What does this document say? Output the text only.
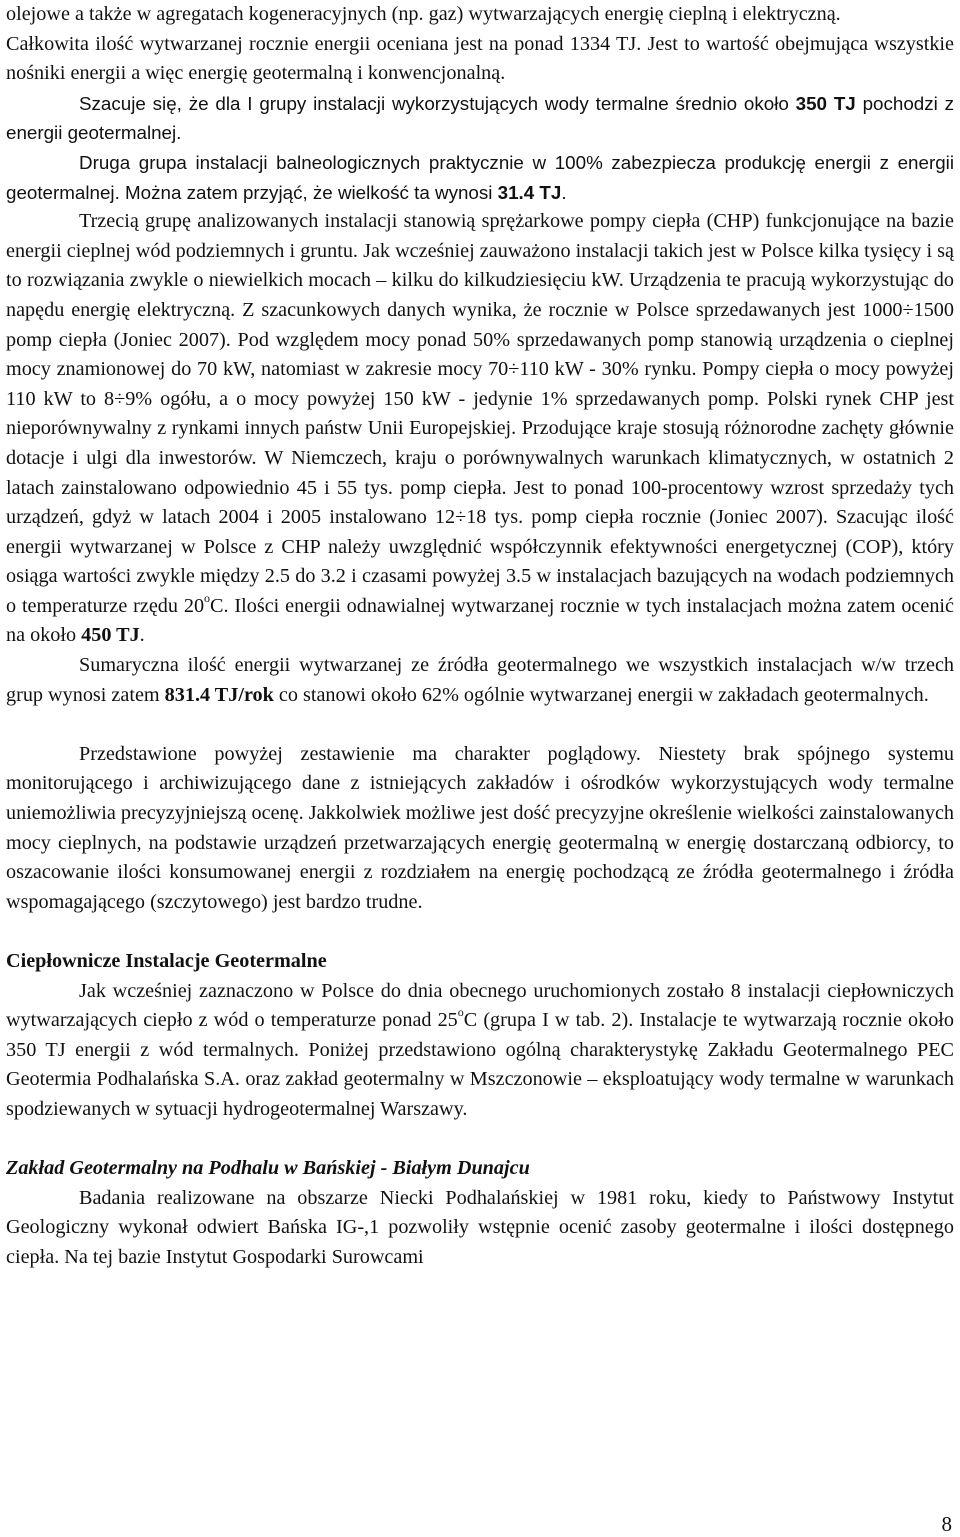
olejowe a także w agregatach kogeneracyjnych (np. gaz) wytwarzających energię cieplną i elektryczną.

Całkowita ilość wytwarzanej rocznie energii oceniana jest na ponad 1334 TJ. Jest to wartość obejmująca wszystkie nośniki energii a więc energię geotermalną i konwencjonalną.

Szacuje się, że dla I grupy instalacji wykorzystujących wody termalne średnio około 350 TJ pochodzi z energii geotermalnej.

Druga grupa instalacji balneologicznych praktycznie w 100% zabezpiecza produkcję energii z energii geotermalnej. Można zatem przyjąć, że wielkość ta wynosi 31.4 TJ.

Trzecią grupę analizowanych instalacji stanowią sprężarkowe pompy ciepła (CHP) funkcjonujące na bazie energii cieplnej wód podziemnych i gruntu. Jak wcześniej zauważono instalacji takich jest w Polsce kilka tysięcy i są to rozwiązania zwykle o niewielkich mocach – kilku do kilkudziesięciu kW. Urządzenia te pracują wykorzystując do napędu energię elektryczną. Z szacunkowych danych wynika, że rocznie w Polsce sprzedawanych jest 1000÷1500 pomp ciepła (Joniec 2007). Pod względem mocy ponad 50% sprzedawanych pomp stanowią urządzenia o cieplnej mocy znamionowej do 70 kW, natomiast w zakresie mocy 70÷110 kW - 30% rynku. Pompy ciepła o mocy powyżej 110 kW to 8÷9% ogółu, a o mocy powyżej 150 kW - jedynie 1% sprzedawanych pomp. Polski rynek CHP jest nieporównywalny z rynkami innych państw Unii Europejskiej. Przodujące kraje stosują różnorodne zachęty głównie dotacje i ulgi dla inwestorów. W Niemczech, kraju o porównywalnych warunkach klimatycznych, w ostatnich 2 latach zainstalowano odpowiednio 45 i 55 tys. pomp ciepła. Jest to ponad 100-procentowy wzrost sprzedaży tych urządzeń, gdyż w latach 2004 i 2005 instalowano 12÷18 tys. pomp ciepła rocznie (Joniec 2007). Szacując ilość energii wytwarzanej w Polsce z CHP należy uwzględnić współczynnik efektywności energetycznej (COP), który osiąga wartości zwykle między 2.5 do 3.2 i czasami powyżej 3.5 w instalacjach bazujących na wodach podziemnych o temperaturze rzędu 20$^o$C. Ilości energii odnawialnej wytwarzanej rocznie w tych instalacjach można zatem ocenić na około 450 TJ.

Sumaryczna ilość energii wytwarzanej ze źródła geotermalnego we wszystkich instalacjach w/w trzech grup wynosi zatem 831.4 TJ/rok co stanowi około 62% ogólnie wytwarzanej energii w zakładach geotermalnych.

Przedstawione powyżej zestawienie ma charakter poglądowy. Niestety brak spójnego systemu monitorującego i archiwizującego dane z istniejących zakładów i ośrodków wykorzystujących wody termalne uniemożliwia precyzyjniejszą ocenę. Jakkolwiek możliwe jest dość precyzyjne określenie wielkości zainstalowanych mocy cieplnych, na podstawie urządzeń przetwarzających energię geotermalną w energię dostarczaną odbiorcy, to oszacowanie ilości konsumowanej energii z rozdziałem na energię pochodzącą ze źródła geotermalnego i źródła wspomagającego (szczytowego) jest bardzo trudne.

Ciepłownicze Instalacje Geotermalne

Jak wcześniej zaznaczono w Polsce do dnia obecnego uruchomionych zostało 8 instalacji ciepłowniczych wytwarzających ciepło z wód o temperaturze ponad 25$^o$C (grupa I w tab. 2). Instalacje te wytwarzają rocznie około 350 TJ energii z wód termalnych. Poniżej przedstawiono ogólną charakterystykę Zakładu Geotermalnego PEC Geotermia Podhalańska S.A. oraz zakład geotermalny w Mszczonowie – eksploatujący wody termalne w warunkach spodziewanych w sytuacji hydrogeotermalnej Warszawy.

Zakład Geotermalny na Podhalu w Bańskiej - Białym Dunajcu

Badania realizowane na obszarze Niecki Podhalańskiej w 1981 roku, kiedy to Państwowy Instytut Geologiczny wykonał odwiert Bańska IG-,1 pozwoliły wstępnie ocenić zasoby geotermalne i ilości dostępnego ciepła. Na tej bazie Instytut Gospodarki Surowcami

8
